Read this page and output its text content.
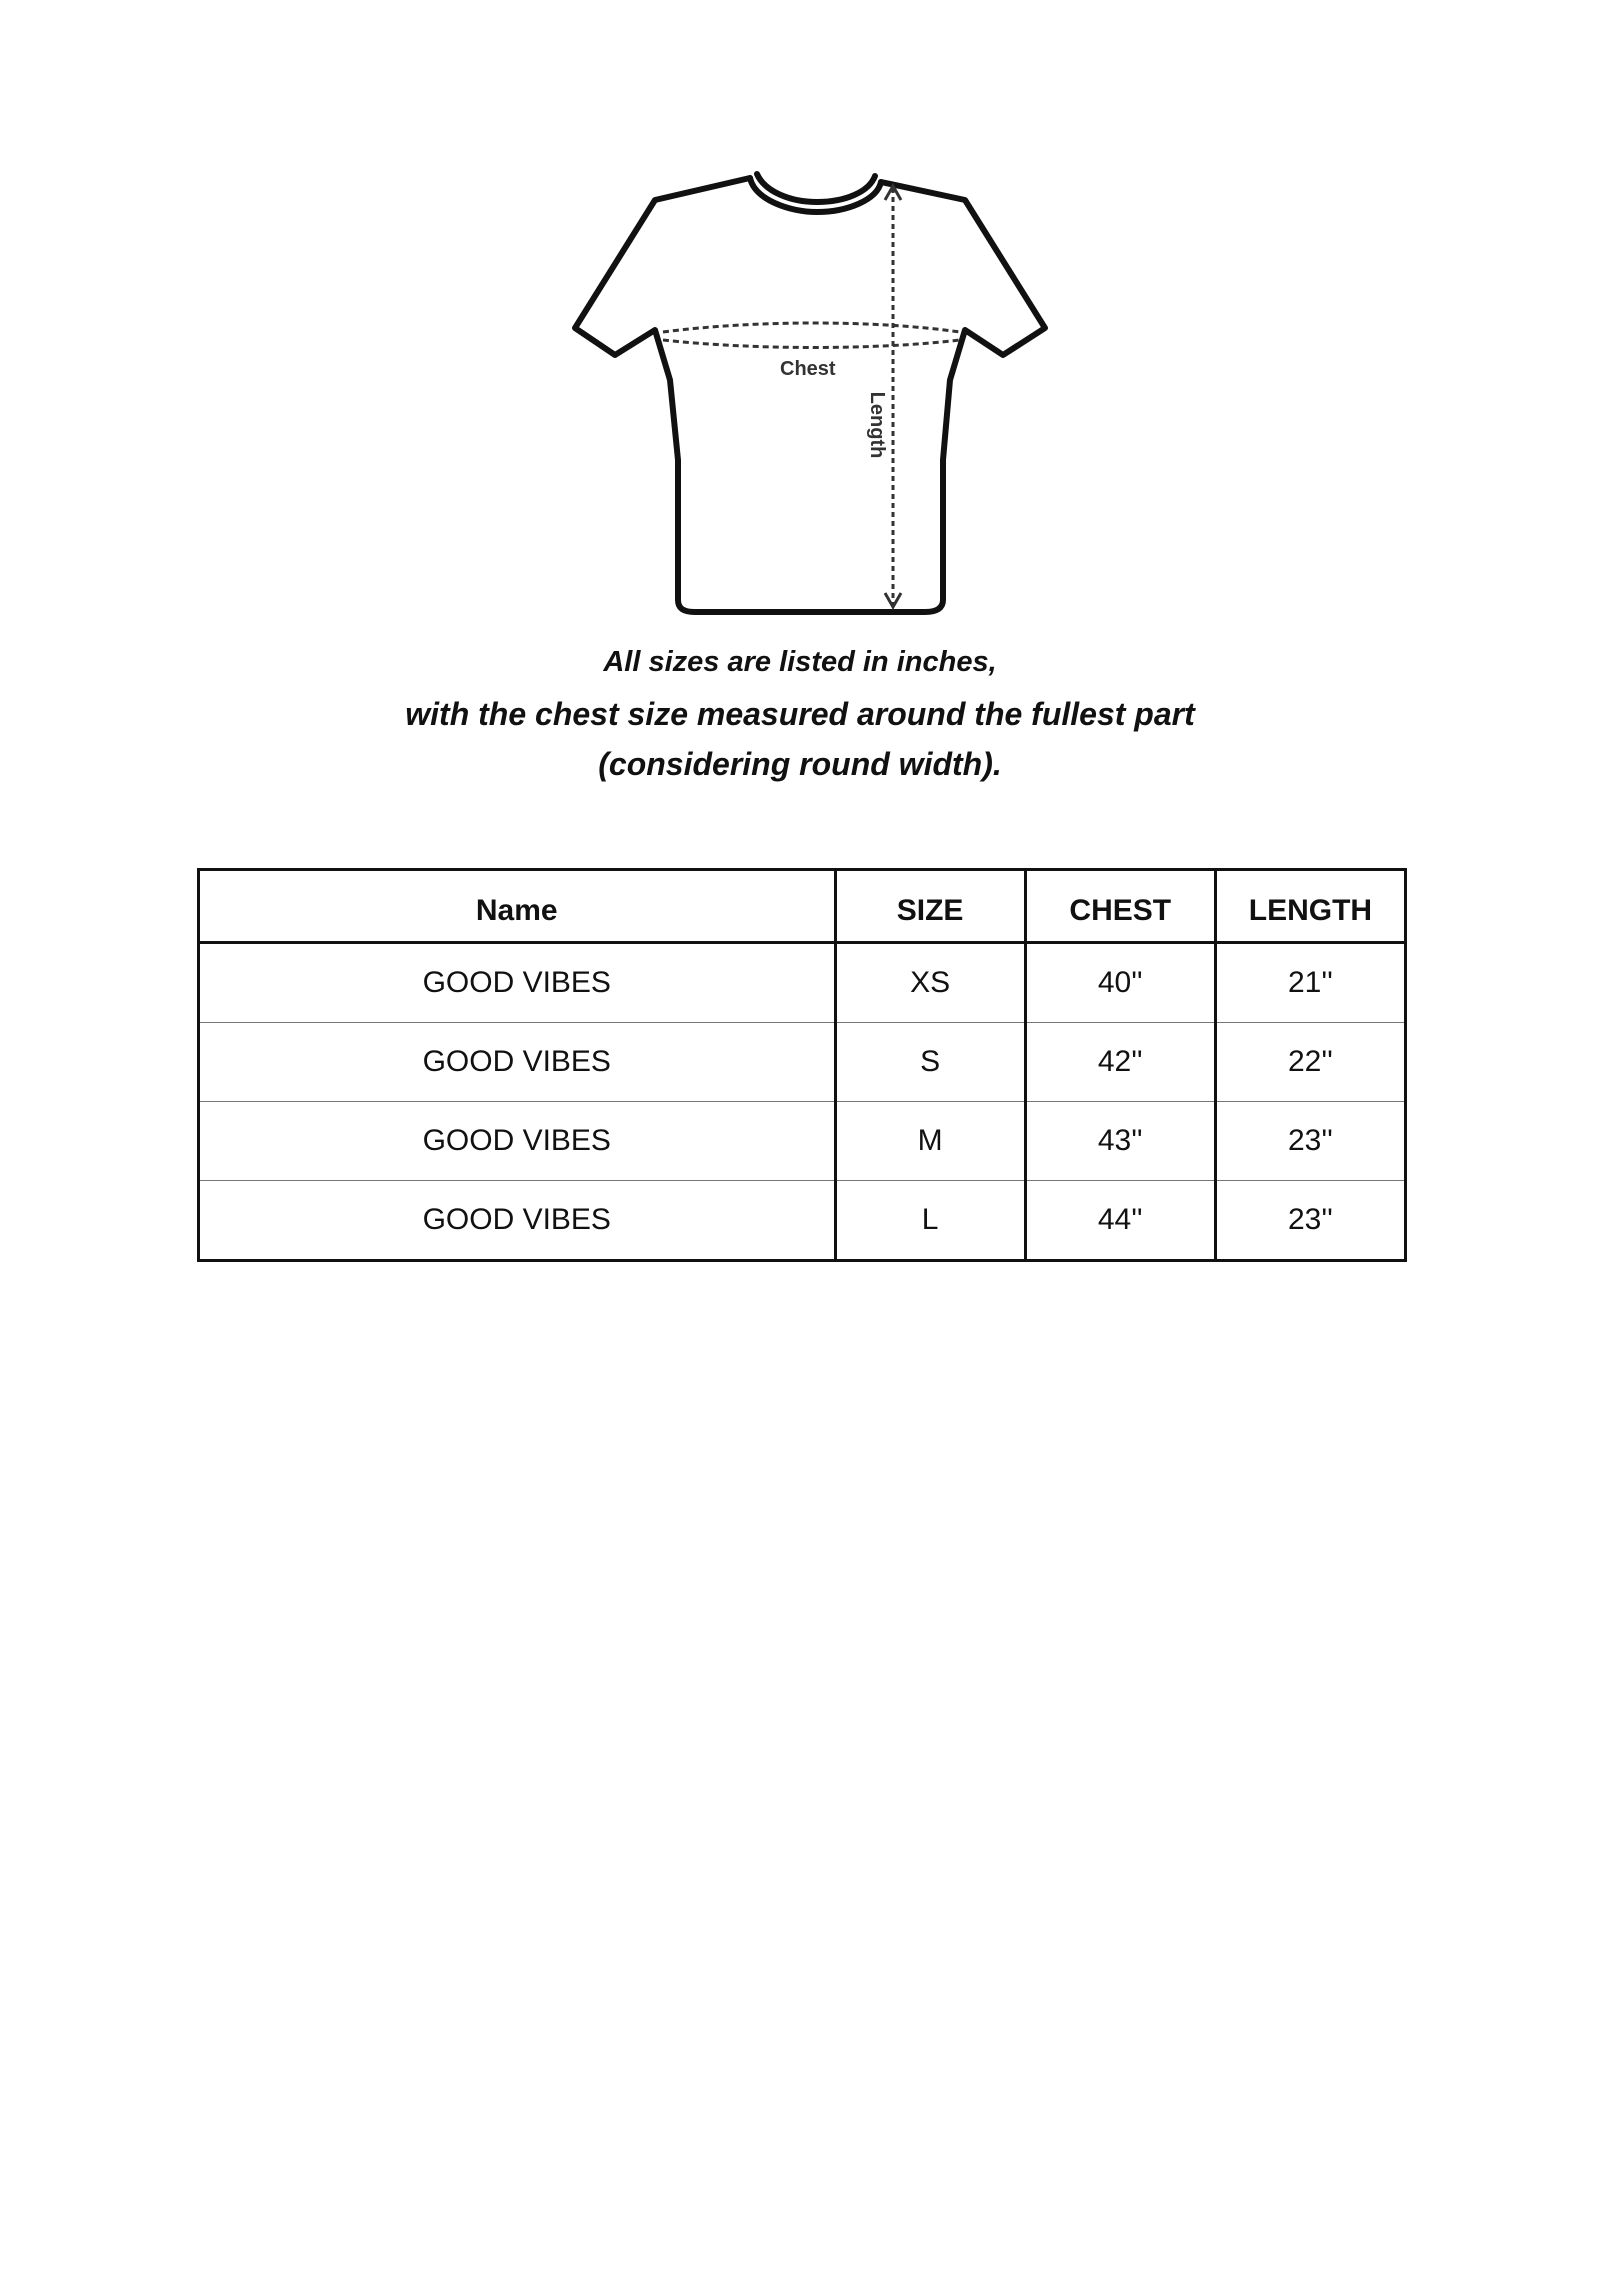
Chest
Length
All sizes are listed in inches,
with the chest size measured around the fullest part
(considering round width).
Name	SIZE	CHEST	LENGTH
GOOD VIBES	XS	40''	21''
GOOD VIBES	S	42''	22''
GOOD VIBES	M	43''	23''
GOOD VIBES	L	44''	23''
